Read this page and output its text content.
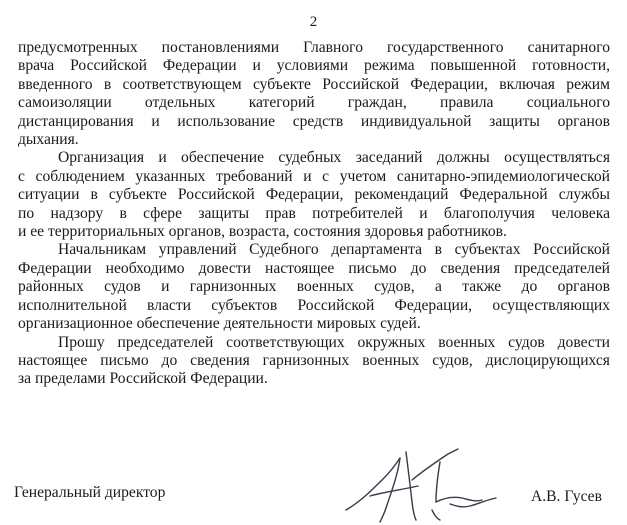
2

предусмотренных постановлениями Главного государственного санитарного
врача Российской Федерации и условиями режима повышенной готовности,
введенного в соответствующем субъекте Российской Федерации, включая режим
самоизоляции отдельных категорий граждан, правила социального
дистанцирования и использование средств индивидуальной защиты органов
дыхания.

Организация и обеспечение судебных заседаний должны осуществляться
с соблюдением указанных требований и с учетом санитарно-эпидемиологической
ситуации в субъекте Российской Федерации, рекомендаций Федеральной службы
по надзору в сфере защиты прав потребителей и благополучия человека
и ее территориальных органов, возраста, состояния здоровья работников.

Начальникам управлений Судебного департамента в субъектах Российской
Федерации необходимо довести настоящее письмо до сведения председателей
районных судов и гарнизонных военных судов, а также до органов
исполнительной власти субъектов Российской Федерации, осуществляющих
организационное обеспечение деятельности мировых судей.

Прошу председателей соответствующих окружных военных судов довести
настоящее письмо до сведения гарнизонных военных судов, дислоцирующихся
за пределами Российской Федерации.

Генеральный директор	А.В. Гусев
